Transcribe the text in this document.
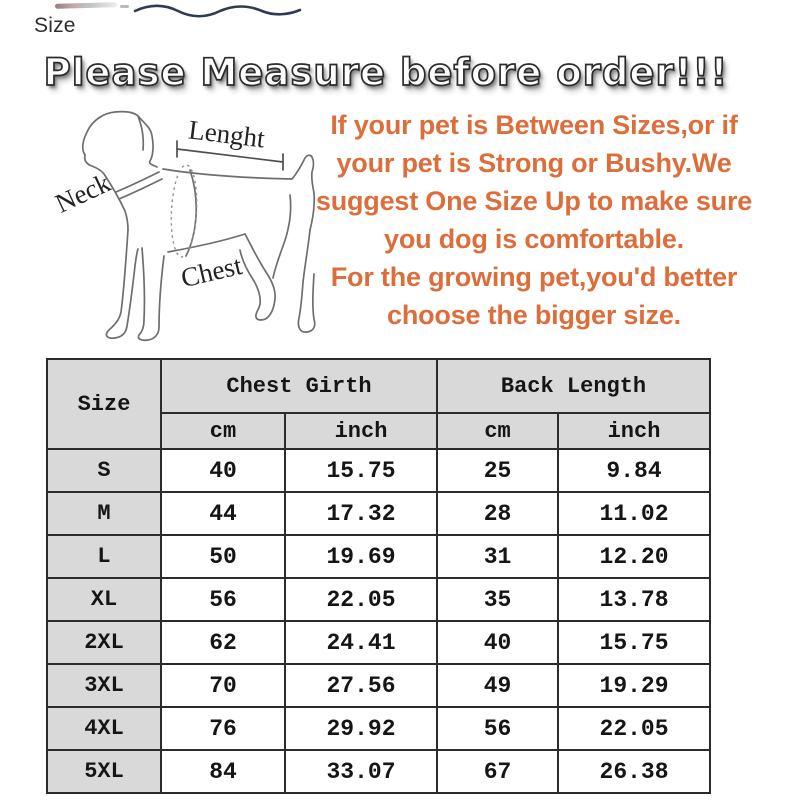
Size
Please Measure before order!!!
If your pet is Between Sizes,or if
your pet is Strong or Bushy.We
suggest One Size Up to make sure
you dog is comfortable.
For the growing pet,you'd better
choose the bigger size.
Neck
Lenght
Chest
Size	Chest Girth		Back Length	
	cm	inch	cm	inch
S	40	15.75	25	9.84
M	44	17.32	28	11.02
L	50	19.69	31	12.20
XL	56	22.05	35	13.78
2XL	62	24.41	40	15.75
3XL	70	27.56	49	19.29
4XL	76	29.92	56	22.05
5XL	84	33.07	67	26.38
